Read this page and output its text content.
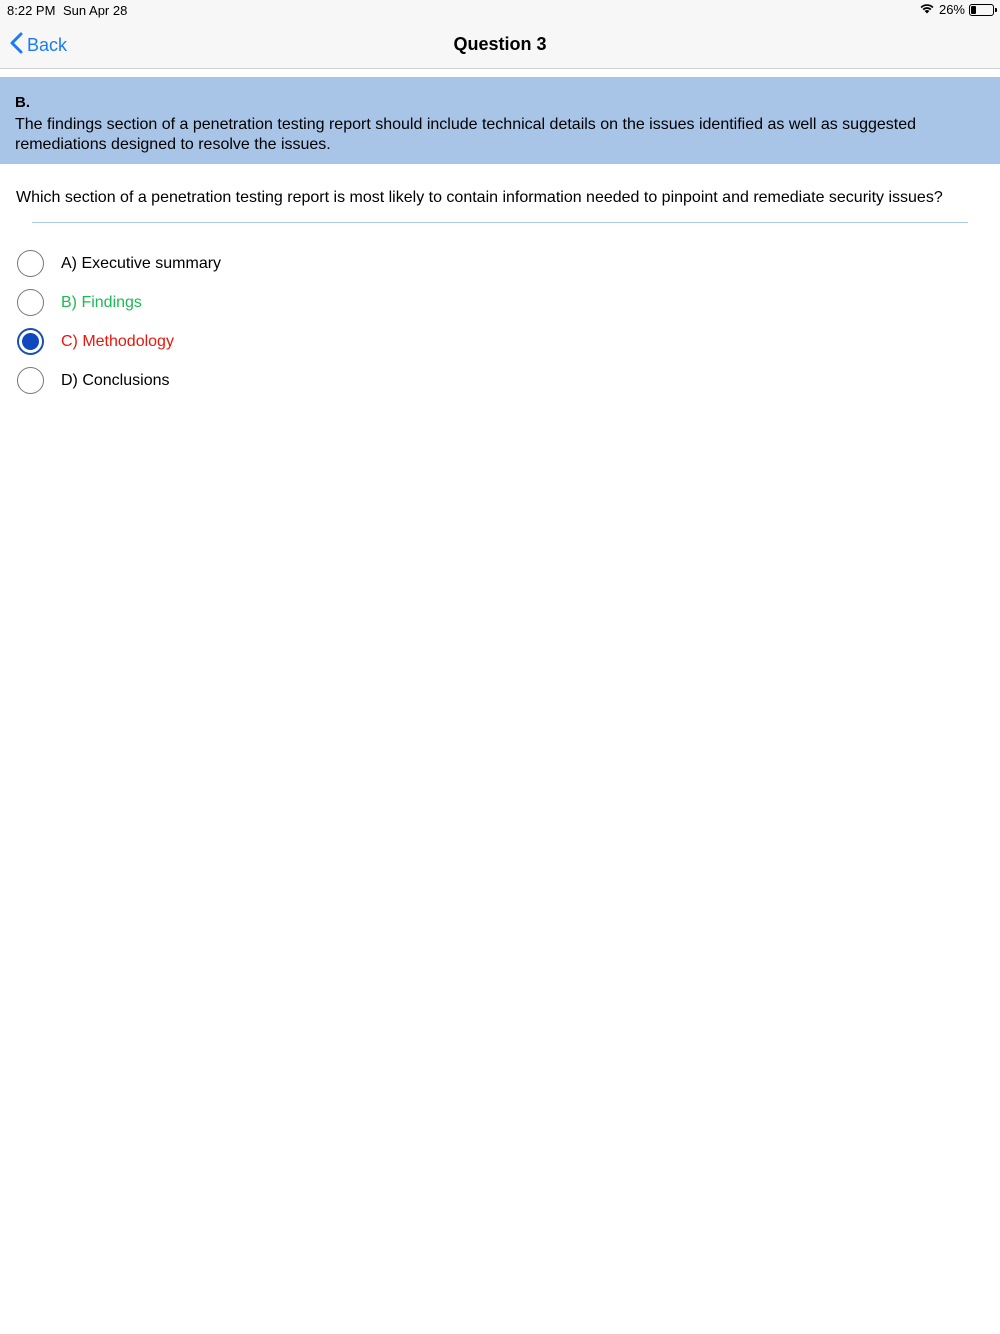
8:22 PM Sun Apr 28	26%
Back	Question 3
B.
The findings section of a penetration testing report should include technical details on the issues identified as well as suggested remediations designed to resolve the issues.
Which section of a penetration testing report is most likely to contain information needed to pinpoint and remediate security issues?
A) Executive summary
B) Findings
C) Methodology
D) Conclusions
